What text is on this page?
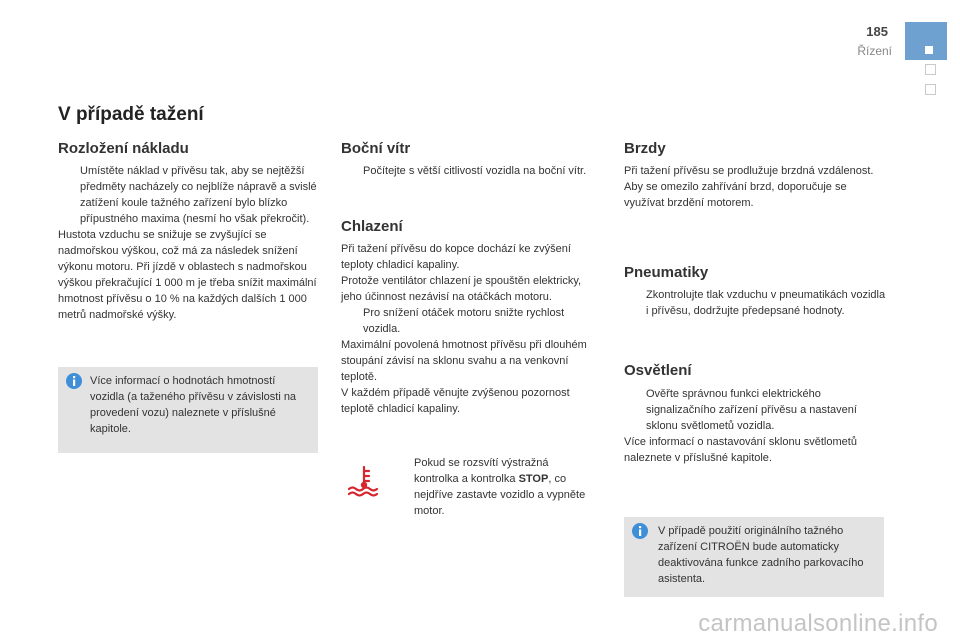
185
Řízení
V případě tažení
Rozložení nákladu
Umístěte náklad v přívěsu tak, aby se nejtěžší předměty nacházely co nejblíže nápravě a svislé zatížení koule tažného zařízení bylo blízko přípustného maxima (nesmí ho však překročit).

Hustota vzduchu se snižuje se zvyšující se nadmořskou výškou, což má za následek snížení výkonu motoru. Při jízdě v oblastech s nadmořskou výškou překračující 1 000 m je třeba snížit maximální hmotnost přívěsu o 10 % na každých dalších 1 000 metrů nadmořské výšky.

Více informací o hodnotách hmotností vozidla (a taženého přívěsu v závislosti na provedení vozu) naleznete v příslušné kapitole.
Boční vítr
Počítejte s větší citlivostí vozidla na boční vítr.
Chlazení

Při tažení přívěsu do kopce dochází ke zvýšení teploty chladicí kapaliny.

Protože ventilátor chlazení je spouštěn elektricky, jeho účinnost nezávisí na otáčkách motoru.

Pro snížení otáček motoru snižte rychlost vozidla.

Maximální povolená hmotnost přívěsu při dlouhém stoupání závisí na sklonu svahu a na venkovní teplotě.

V každém případě věnujte zvýšenou pozornost teplotě chladicí kapaliny.

Pokud se rozsvítí výstražná kontrolka a kontrolka STOP, co nejdříve zastavte vozidlo a vypněte motor.
Brzdy

Při tažení přívěsu se prodlužuje brzdná vzdálenost.

Aby se omezilo zahřívání brzd, doporučuje se využívat brzdění motorem.

Pneumatiky
Zkontrolujte tlak vzduchu v pneumatikách vozidla i přívěsu, dodržujte předepsané hodnoty.
Osvětlení
Ověřte správnou funkci elektrického signalizačního zařízení přívěsu a nastavení sklonu světlometů vozidla.

Více informací o nastavování sklonu světlometů naleznete v příslušné kapitole.

V případě použití originálního tažného zařízení CITROËN bude automaticky deaktivována funkce zadního parkovacího asistenta.
carmanualsonline.info
